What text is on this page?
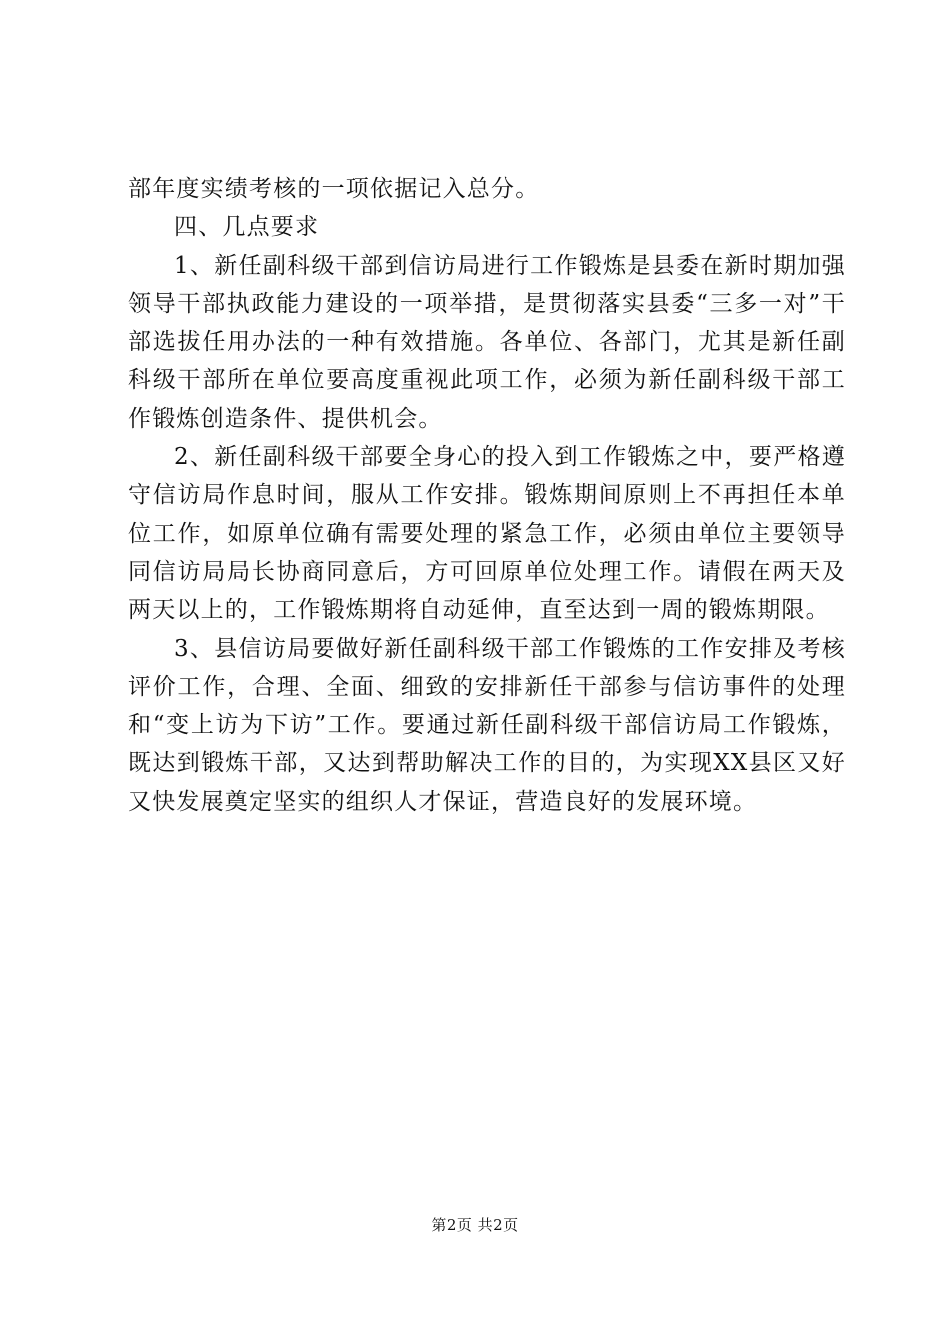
部年度实绩考核的一项依据记入总分。

四、几点要求

1、新任副科级干部到信访局进行工作锻炼是县委在新时期加强领导干部执政能力建设的一项举措，是贯彻落实县委“三多一对”干部选拔任用办法的一种有效措施。各单位、各部门，尤其是新任副科级干部所在单位要高度重视此项工作，必须为新任副科级干部工作锻炼创造条件、提供机会。

2、新任副科级干部要全身心的投入到工作锻炼之中，要严格遵守信访局作息时间，服从工作安排。锻炼期间原则上不再担任本单位工作，如原单位确有需要处理的紧急工作，必须由单位主要领导同信访局局长协商同意后，方可回原单位处理工作。请假在两天及两天以上的，工作锻炼期将自动延伸，直至达到一周的锻炼期限。

3、县信访局要做好新任副科级干部工作锻炼的工作安排及考核评价工作，合理、全面、细致的安排新任干部参与信访事件的处理和“变上访为下访”工作。要通过新任副科级干部信访局工作锻炼，既达到锻炼干部，又达到帮助解决工作的目的，为实现XX县区又好又快发展奠定坚实的组织人才保证，营造良好的发展环境。

第2页 共2页
